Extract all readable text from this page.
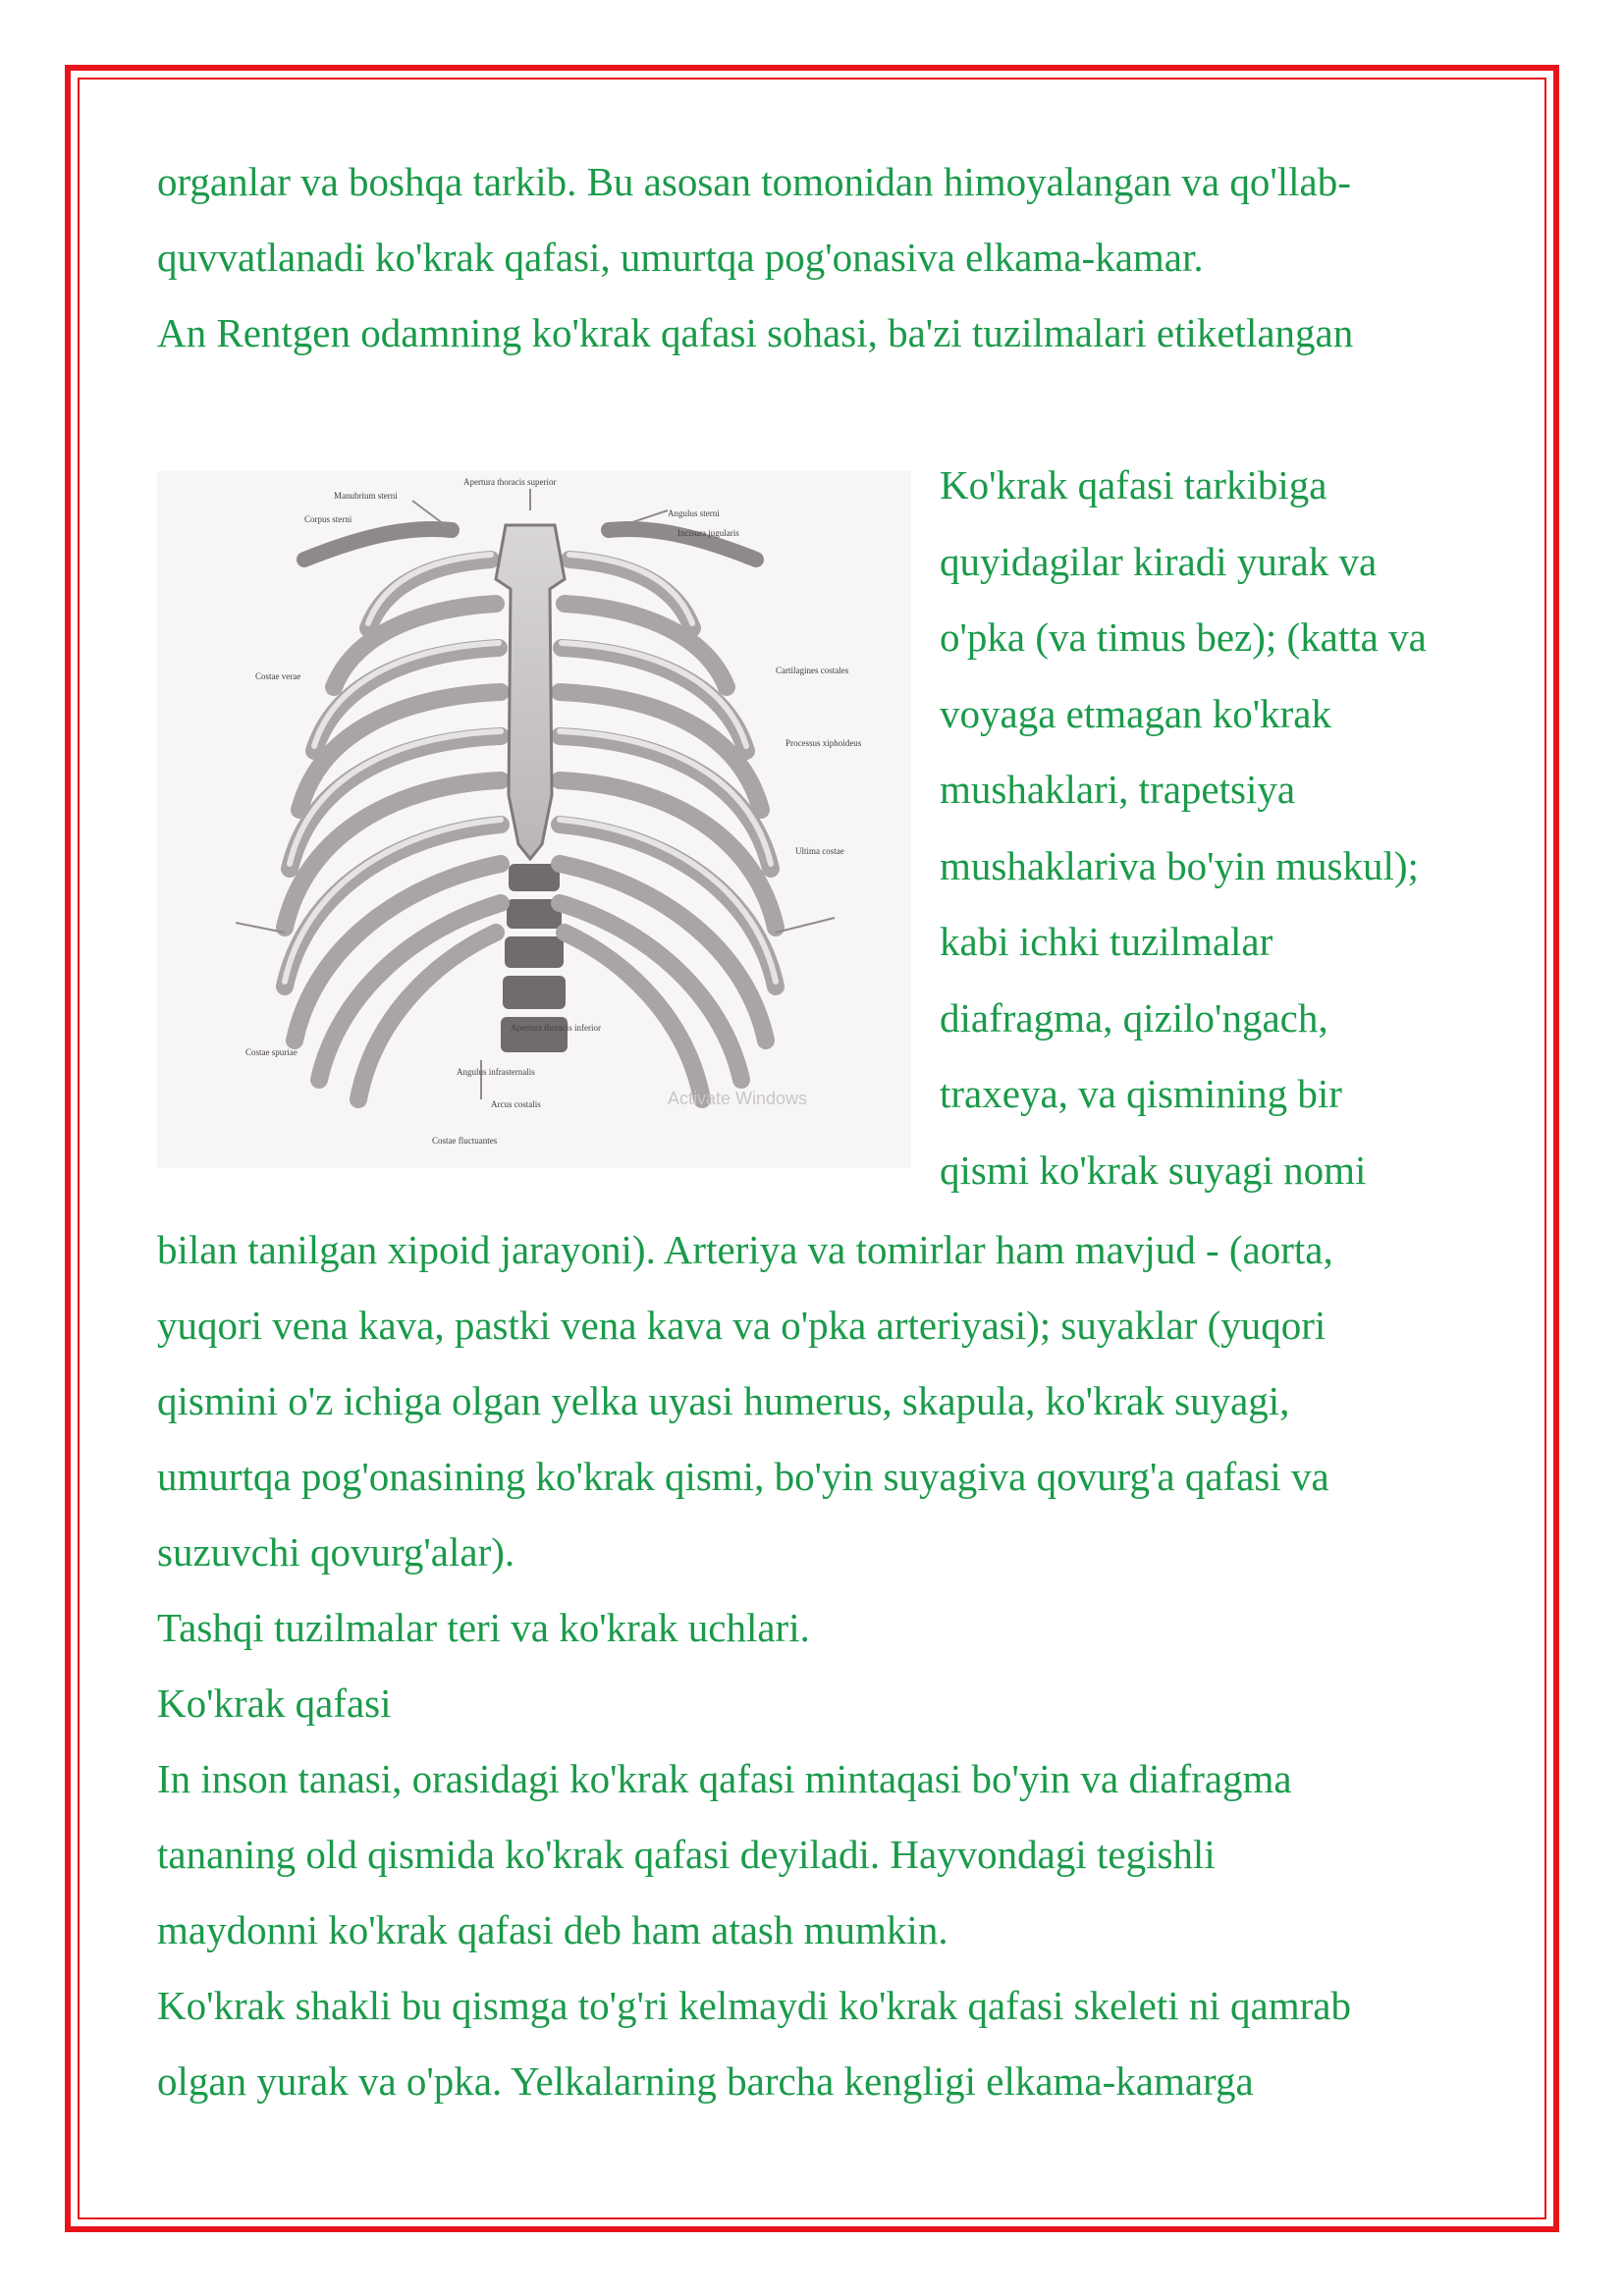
organlar va boshqa tarkib. Bu asosan tomonidan himoyalangan va qo'llab-

quvvatlanadi ko'krak qafasi, umurtqa pog'onasiva elkama-kamar.

An Rentgen odamning ko'krak qafasi sohasi, ba'zi tuzilmalari etiketlangan

Manubrium sterni
Apertura thoracis superior
Corpus sterni
Angulus sterni
Incisura jugularis
Costae verae
Cartilagines costales
Processus xiphoideus
Costae spuriae
Ultima costae
Apertura thoracis inferior
Angulus infrasternalis
Arcus costalis
Costae fluctuantes
Activate Windows

Ko'krak qafasi tarkibiga

quyidagilar kiradi yurak va

o'pka (va timus bez); (katta va

voyaga etmagan ko'krak

mushaklari, trapetsiya

mushaklariva bo'yin muskul);

kabi ichki tuzilmalar

diafragma, qizilo'ngach,

traxeya, va qismining bir

qismi ko'krak suyagi nomi

bilan tanilgan xipoid jarayoni). Arteriya va tomirlar ham mavjud - (aorta,

yuqori vena kava, pastki vena kava va o'pka arteriyasi); suyaklar (yuqori

qismini o'z ichiga olgan yelka uyasi humerus, skapula, ko'krak suyagi,

umurtqa pog'onasining ko'krak qismi, bo'yin suyagiva qovurg'a qafasi va

suzuvchi qovurg'alar).

Tashqi tuzilmalar teri va ko'krak uchlari.

Ko'krak qafasi

In inson tanasi, orasidagi ko'krak qafasi mintaqasi bo'yin va diafragma

tananing old qismida ko'krak qafasi deyiladi. Hayvondagi tegishli

maydonni ko'krak qafasi deb ham atash mumkin.

Ko'krak shakli bu qismga to'g'ri kelmaydi ko'krak qafasi skeleti ni qamrab

olgan yurak va o'pka. Yelkalarning barcha kengligi elkama-kamarga
